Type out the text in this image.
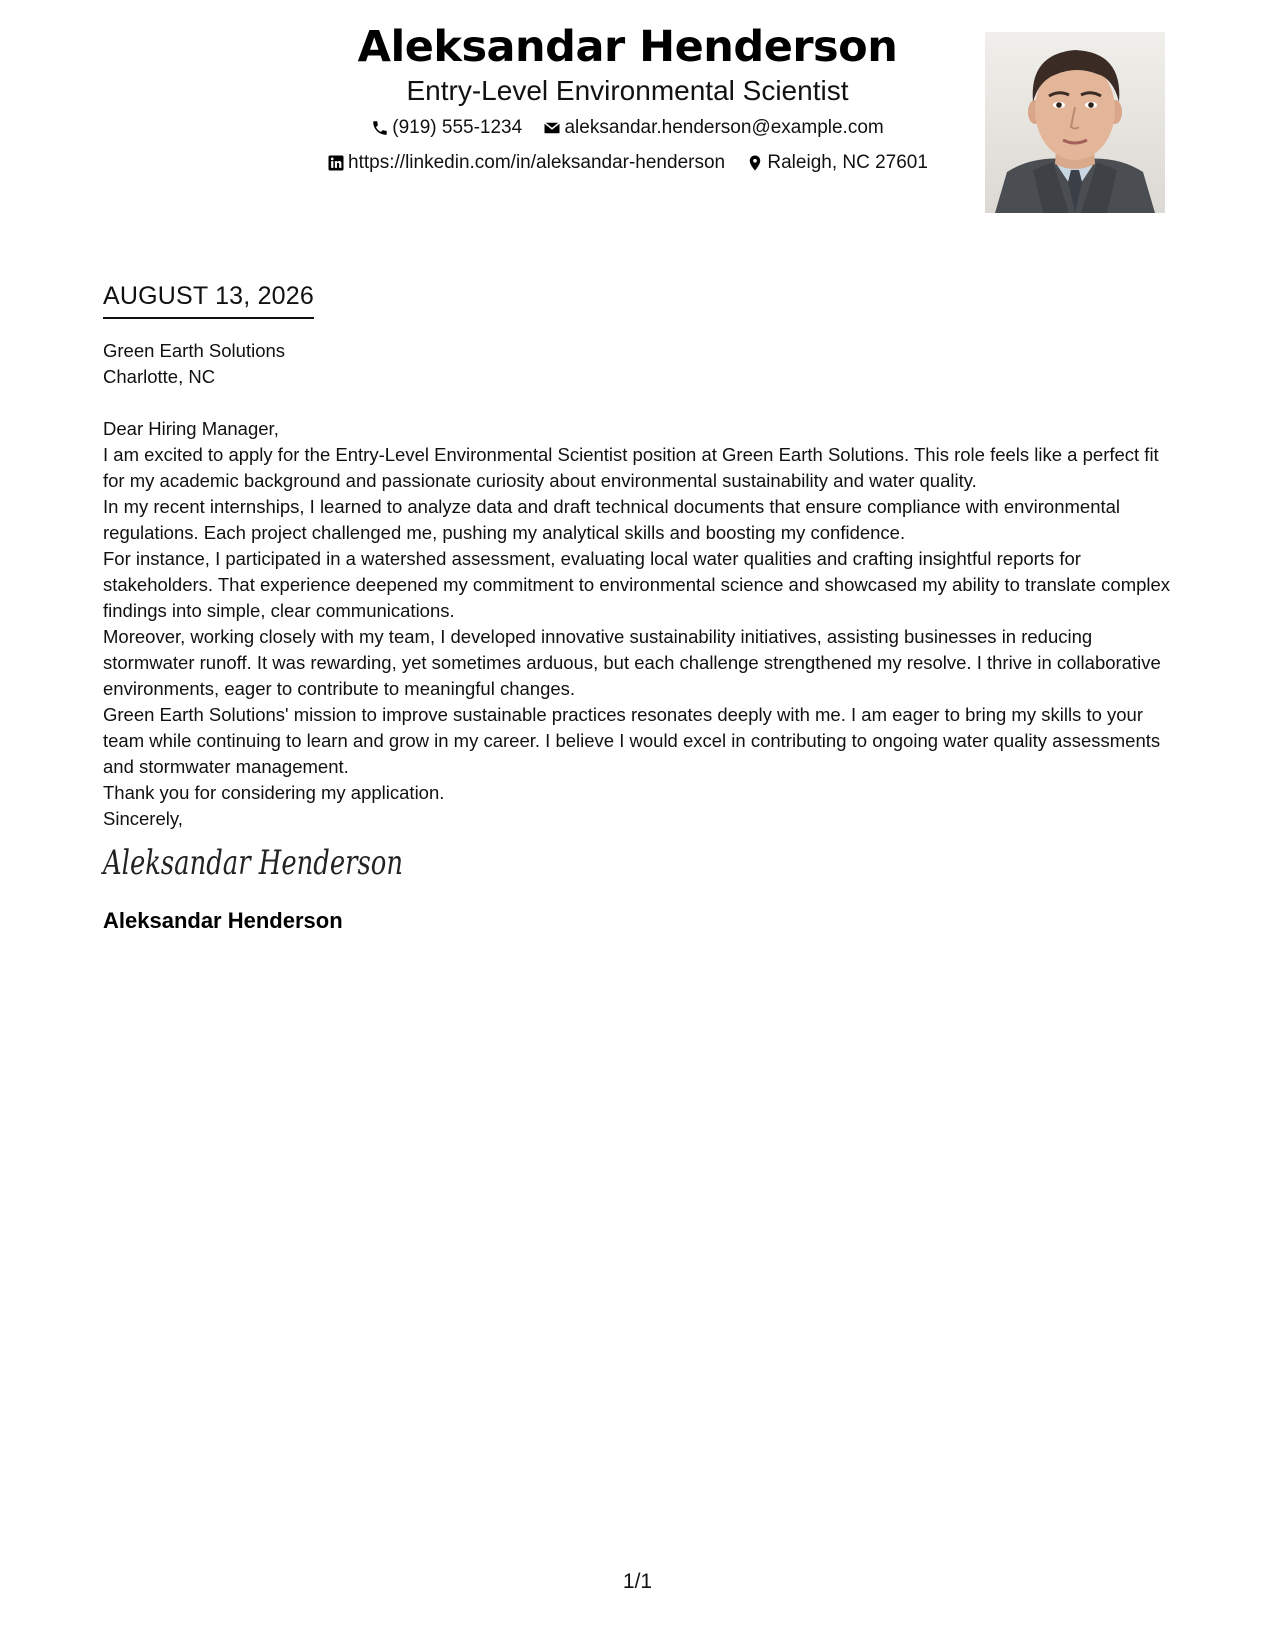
Aleksandar Henderson
Entry-Level Environmental Scientist
(919) 555-1234
aleksandar.henderson@example.com
https://linkedin.com/in/aleksandar-henderson
Raleigh, NC 27601
AUGUST 13, 2026

Green Earth Solutions

Charlotte, NC

Dear Hiring Manager,

I am excited to apply for the Entry-Level Environmental Scientist position at Green Earth Solutions. This role feels like a perfect fit for my academic background and passionate curiosity about environmental sustainability and water quality.

In my recent internships, I learned to analyze data and draft technical documents that ensure compliance with environmental regulations. Each project challenged me, pushing my analytical skills and boosting my confidence.

For instance, I participated in a watershed assessment, evaluating local water qualities and crafting insightful reports for stakeholders. That experience deepened my commitment to environmental science and showcased my ability to translate complex findings into simple, clear communications.

Moreover, working closely with my team, I developed innovative sustainability initiatives, assisting businesses in reducing stormwater runoff. It was rewarding, yet sometimes arduous, but each challenge strengthened my resolve. I thrive in collaborative environments, eager to contribute to meaningful changes.

Green Earth Solutions' mission to improve sustainable practices resonates deeply with me. I am eager to bring my skills to your team while continuing to learn and grow in my career. I believe I would excel in contributing to ongoing water quality assessments and stormwater management.

Thank you for considering my application.

Sincerely,

Aleksandar Henderson

Aleksandar Henderson

1/1
